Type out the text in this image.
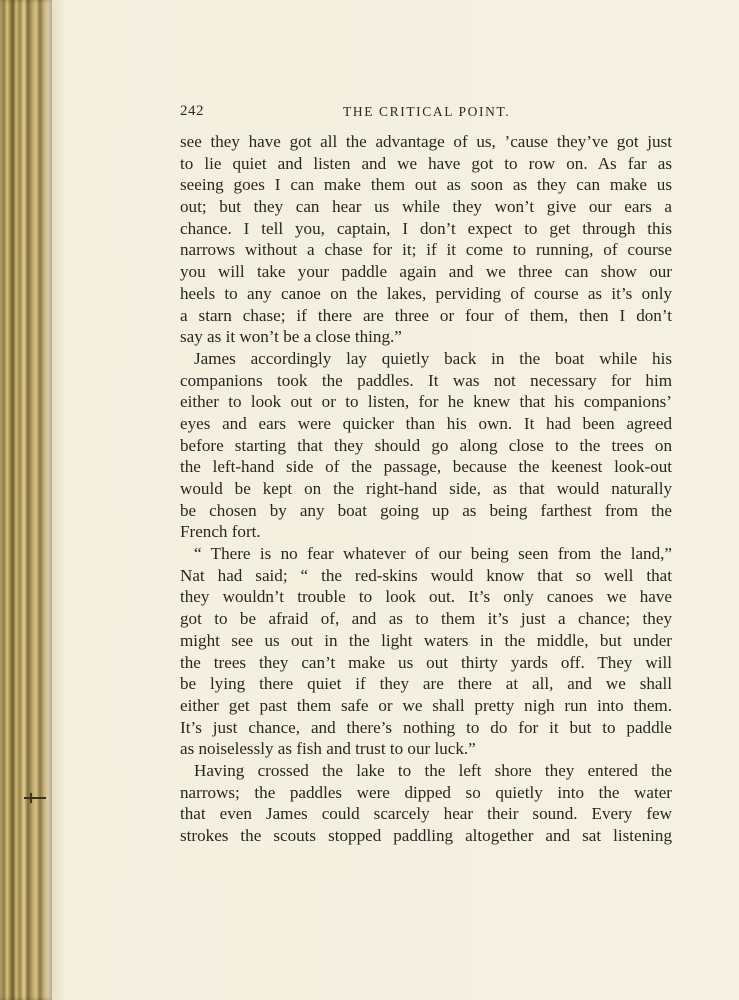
242	THE CRITICAL POINT.
see they have got all the advantage of us, ’cause they’ve got just
to lie quiet and listen and we have got to row on. As far as
seeing goes I can make them out as soon as they can make us
out; but they can hear us while they won’t give our ears a
chance. I tell you, captain, I don’t expect to get through this
narrows without a chase for it; if it come to running, of course
you will take your paddle again and we three can show our
heels to any canoe on the lakes, perviding of course as it’s only
a starn chase; if there are three or four of them, then I don’t
say as it won’t be a close thing.”
James accordingly lay quietly back in the boat while his
companions took the paddles. It was not necessary for him
either to look out or to listen, for he knew that his companions’
eyes and ears were quicker than his own. It had been agreed
before starting that they should go along close to the trees on
the left-hand side of the passage, because the keenest look-out
would be kept on the right-hand side, as that would naturally
be chosen by any boat going up as being farthest from the
French fort.
“ There is no fear whatever of our being seen from the land,”
Nat had said; “ the red-skins would know that so well that
they wouldn’t trouble to look out. It’s only canoes we have
got to be afraid of, and as to them it’s just a chance; they
might see us out in the light waters in the middle, but under
the trees they can’t make us out thirty yards off. They will
be lying there quiet if they are there at all, and we shall
either get past them safe or we shall pretty nigh run into them.
It’s just chance, and there’s nothing to do for it but to paddle
as noiselessly as fish and trust to our luck.”
Having crossed the lake to the left shore they entered the
narrows; the paddles were dipped so quietly into the water
that even James could scarcely hear their sound. Every few
strokes the scouts stopped paddling altogether and sat listening
